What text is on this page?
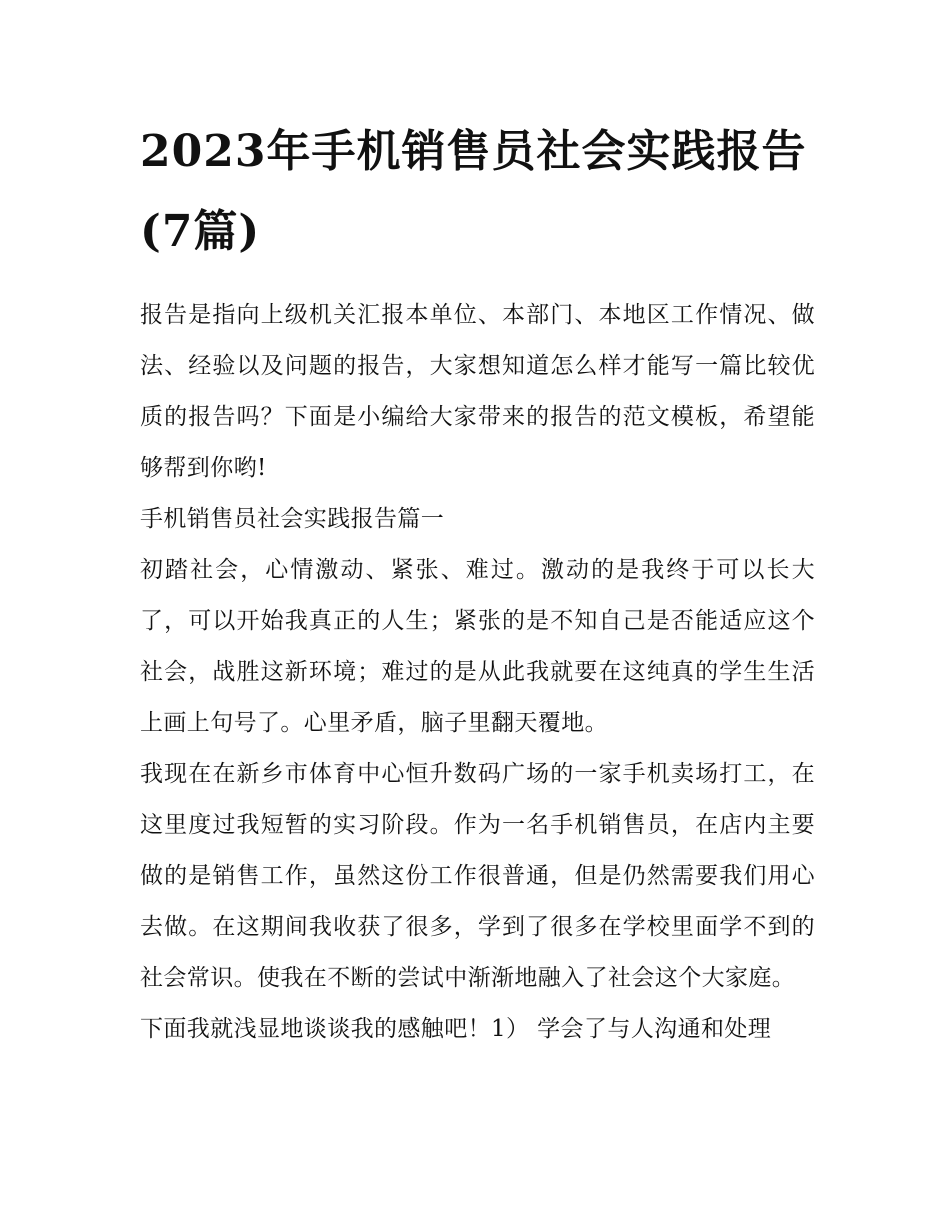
2023年手机销售员社会实践报告(7篇)

报告是指向上级机关汇报本单位、本部门、本地区工作情况、做法、经验以及问题的报告，大家想知道怎么样才能写一篇比较优质的报告吗？下面是小编给大家带来的报告的范文模板，希望能够帮到你哟!

手机销售员社会实践报告篇一

初踏社会，心情激动、紧张、难过。激动的是我终于可以长大了，可以开始我真正的人生；紧张的是不知自己是否能适应这个社会，战胜这新环境；难过的是从此我就要在这纯真的学生生活上画上句号了。心里矛盾，脑子里翻天覆地。

我现在在新乡市体育中心恒升数码广场的一家手机卖场打工，在这里度过我短暂的实习阶段。作为一名手机销售员，在店内主要做的是销售工作，虽然这份工作很普通，但是仍然需要我们用心去做。在这期间我收获了很多，学到了很多在学校里面学不到的社会常识。使我在不断的尝试中渐渐地融入了社会这个大家庭。

下面我就浅显地谈谈我的感触吧！1） 学会了与人沟通和处理
